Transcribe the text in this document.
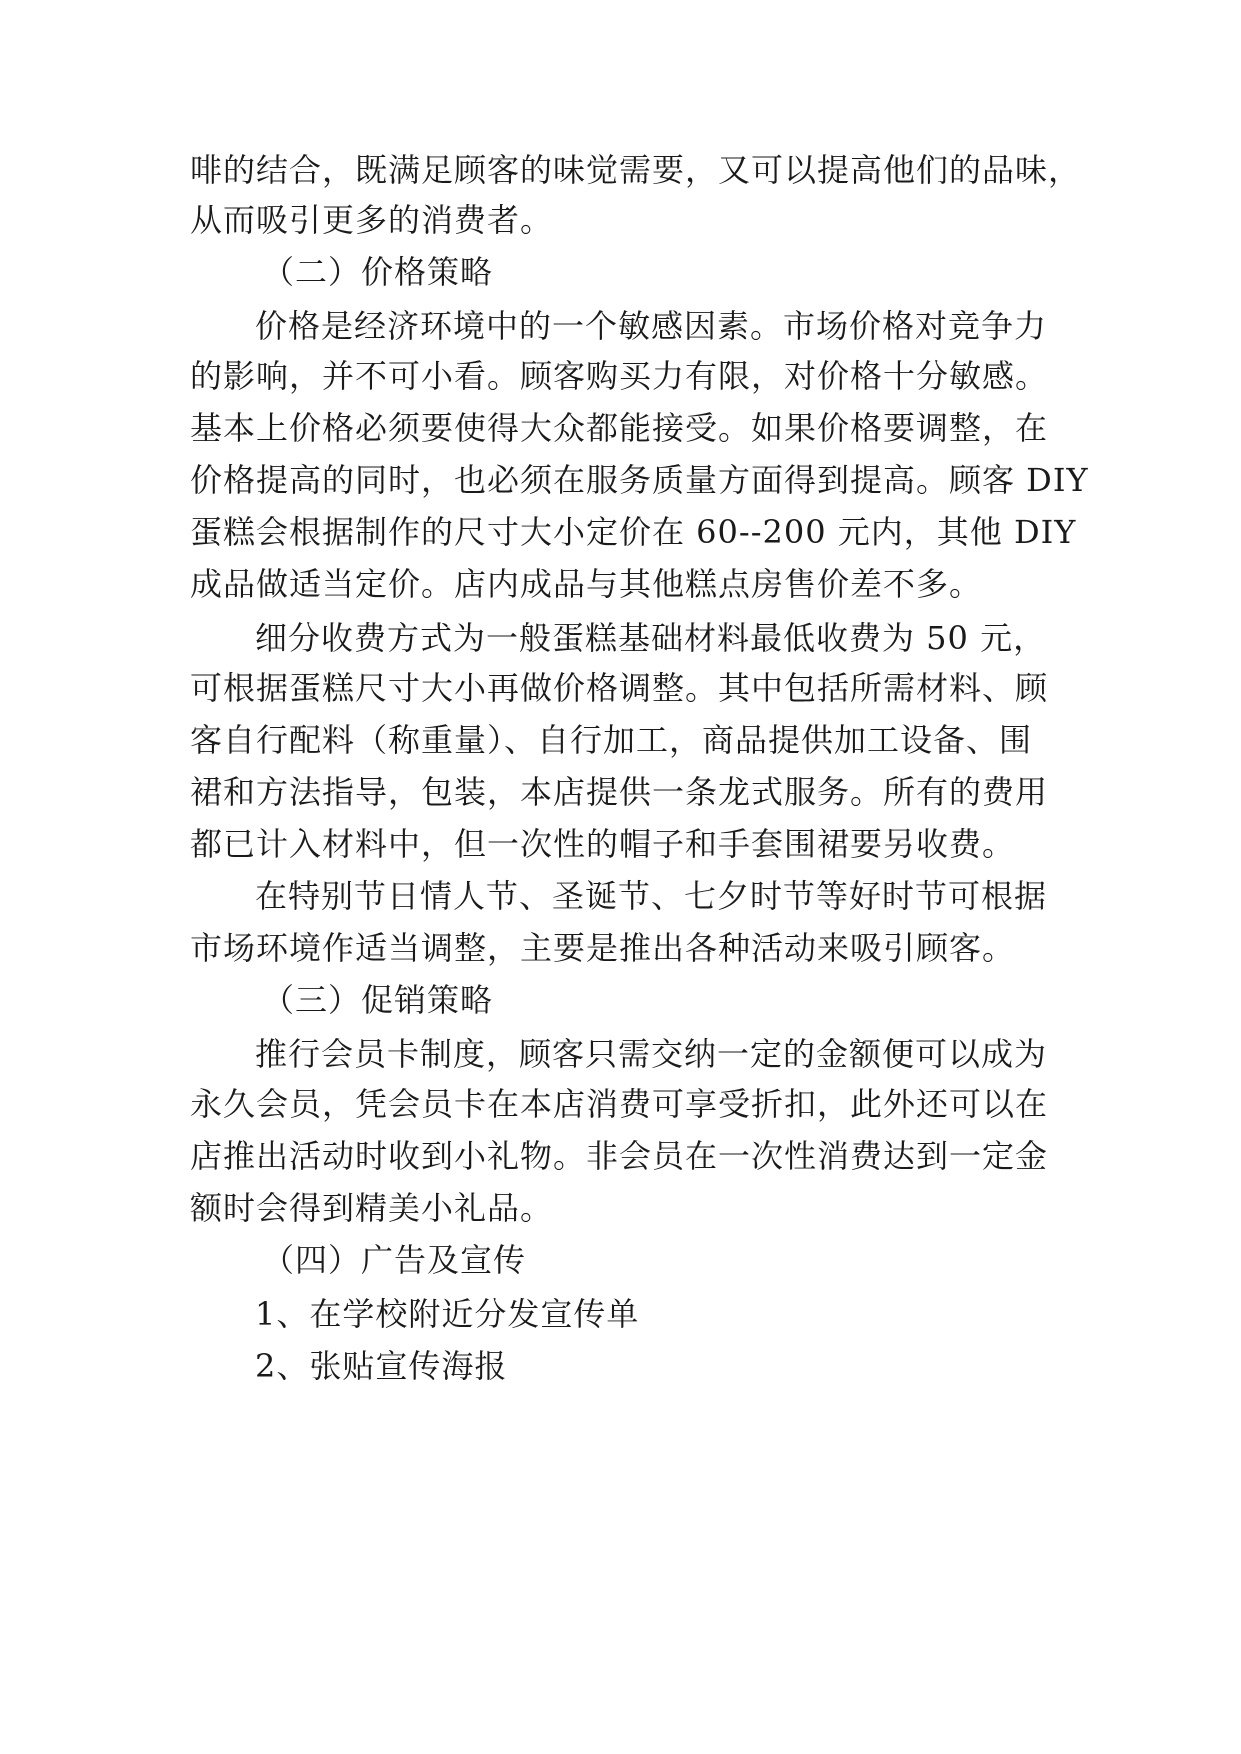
啡的结合，既满足顾客的味觉需要，又可以提高他们的品味，
从而吸引更多的消费者。
（二）价格策略
价格是经济环境中的一个敏感因素。市场价格对竞争力
的影响，并不可小看。顾客购买力有限，对价格十分敏感。
基本上价格必须要使得大众都能接受。如果价格要调整，在
价格提高的同时，也必须在服务质量方面得到提高。顾客 DIY
蛋糕会根据制作的尺寸大小定价在 60--200 元内，其他 DIY
成品做适当定价。店内成品与其他糕点房售价差不多。
细分收费方式为一般蛋糕基础材料最低收费为 50 元，
可根据蛋糕尺寸大小再做价格调整。其中包括所需材料、顾
客自行配料（称重量）、自行加工，商品提供加工设备、围
裙和方法指导，包装，本店提供一条龙式服务。所有的费用
都已计入材料中，但一次性的帽子和手套围裙要另收费。
在特别节日情人节、圣诞节、七夕时节等好时节可根据
市场环境作适当调整，主要是推出各种活动来吸引顾客。
（三）促销策略
推行会员卡制度，顾客只需交纳一定的金额便可以成为
永久会员，凭会员卡在本店消费可享受折扣，此外还可以在
店推出活动时收到小礼物。非会员在一次性消费达到一定金
额时会得到精美小礼品。
（四）广告及宣传
1、在学校附近分发宣传单
2、张贴宣传海报
